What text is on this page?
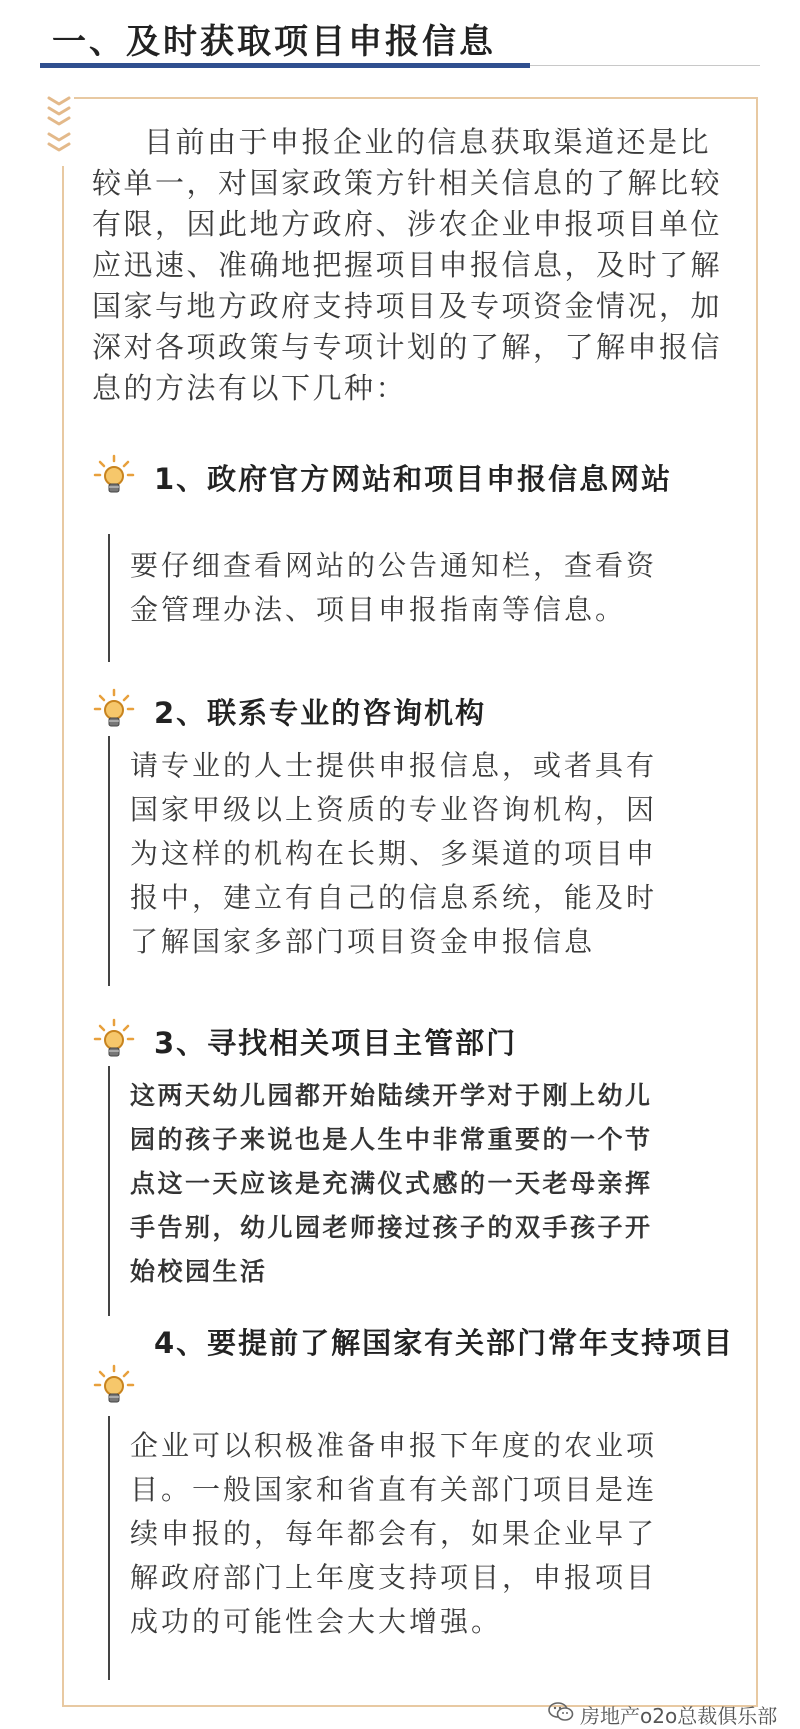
一、及时获取项目申报信息

目前由于申报企业的信息获取渠道还是比较单一，对国家政策方针相关信息的了解比较有限，因此地方政府、涉农企业申报项目单位应迅速、准确地把握项目申报信息，及时了解国家与地方政府支持项目及专项资金情况，加深对各项政策与专项计划的了解，了解申报信息的方法有以下几种：

1、政府官方网站和项目申报信息网站

要仔细查看网站的公告通知栏，查看资金管理办法、项目申报指南等信息。

2、联系专业的咨询机构

请专业的人士提供申报信息，或者具有国家甲级以上资质的专业咨询机构，因为这样的机构在长期、多渠道的项目申报中，建立有自己的信息系统，能及时了解国家多部门项目资金申报信息

3、寻找相关项目主管部门

这两天幼儿园都开始陆续开学对于刚上幼儿园的孩子来说也是人生中非常重要的一个节点这一天应该是充满仪式感的一天老母亲挥手告别，幼儿园老师接过孩子的双手孩子开始校园生活

4、要提前了解国家有关部门常年支持项目

企业可以积极准备申报下年度的农业项目。一般国家和省直有关部门项目是连续申报的，每年都会有，如果企业早了解政府部门上年度支持项目，申报项目成功的可能性会大大增强。

房地产o2o总裁俱乐部
